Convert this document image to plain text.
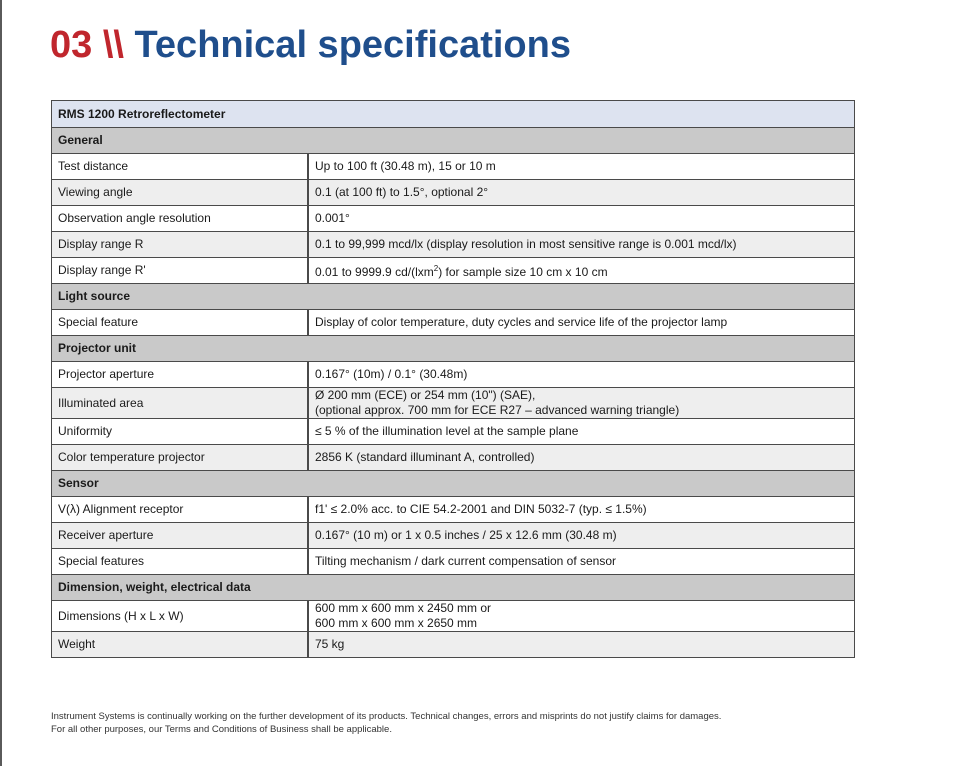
03 \\ Technical specifications
RMS 1200 Retroreflectometer	
General	
Test distance	Up to 100 ft (30.48 m), 15 or 10 m
Viewing angle	0.1 (at 100 ft) to 1.5°, optional 2°
Observation angle resolution	0.001°
Display range R	0.1 to 99,999 mcd/lx (display resolution in most sensitive range is 0.001 mcd/lx)
Display range R'	0.01 to 9999.9 cd/(lxm$^2$) for sample size 10 cm x 10 cm
Light source	
Special feature	Display of color temperature, duty cycles and service life of the projector lamp
Projector unit	
Projector aperture	0.167° (10m) / 0.1° (30.48m)
Illuminated area	Ø 200 mm (ECE) or 254 mm (10") (SAE),
(optional approx. 700 mm for ECE R27 – advanced warning triangle)

Uniformity	≤ 5 % of the illumination level at the sample plane
Color temperature projector	2856 K (standard illuminant A, controlled)
Sensor	
V(λ) Alignment receptor	f1' ≤ 2.0% acc. to CIE 54.2-2001 and DIN 5032-7 (typ. ≤ 1.5%)
Receiver aperture	0.167° (10 m) or 1 x 0.5 inches / 25 x 12.6 mm (30.48 m)
Special features	Tilting mechanism / dark current compensation of sensor
Dimension, weight, electrical data	
Dimensions (H x L x W)	600 mm x 600 mm x 2450 mm or
600 mm x 600 mm x 2650 mm

Weight	75 kg
Instrument Systems is continually working on the further development of its products. Technical changes, errors and misprints do not justify claims for damages.
For all other purposes, our Terms and Conditions of Business shall be applicable.
